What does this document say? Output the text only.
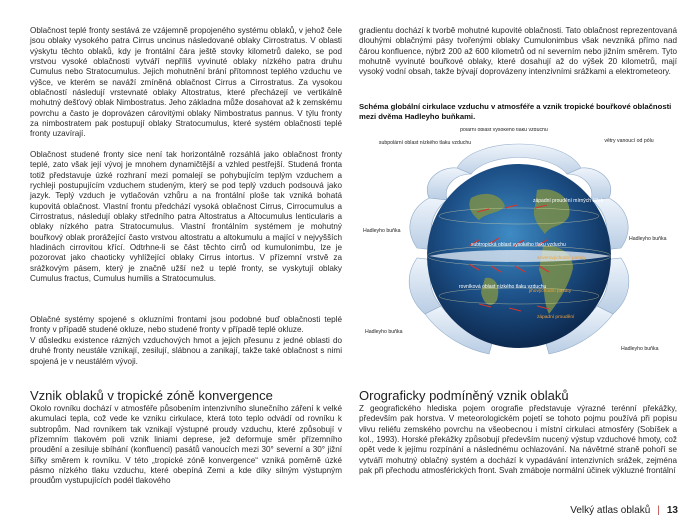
Oblačnost teplé fronty sestává ze vzájemně propojeného systému oblaků, v jehož čele jsou oblaky vysokého patra Cirrus uncinus následované oblaky Cirrostratus. V oblasti výskytu těchto oblaků, kdy je frontální čára ještě stovky kilometrů daleko, se pod vrstvou vysoké oblačnosti vytváří nepříliš vyvinuté oblaky nízkého patra druhu Cumulus nebo Stratocumulus. Jejich mohutnění brání přítomnost teplého vzduchu ve výšce, ve kterém se naváží zmíněná oblačnost Cirrus a Cirrostratus. Za vysokou oblačností následují vrstevnaté oblaky Altostratus, které přecházejí ve vertikálně mohutný dešťový oblak Nimbostratus. Jeho základna může dosahovat až k zemskému povrchu a často je doprovázen cárovitými oblaky Nimbostratus pannus. V týlu fronty za nimbostratem pak postupují oblaky Stratocumulus, které systém oblačnosti teplé fronty uzavírají.

Oblačnost studené fronty sice není tak horizontálně rozsáhlá jako oblačnost fronty teplé, zato však její vývoj je mnohem dynamičtější a vzhled pestřejší. Studená fronta totiž představuje úzké rozhraní mezi pomalejí se pohybujícím teplým vzduchem a rychleji postupujícím vzduchem studeným, který se pod teplý vzduch podsouvá jako jazyk. Teplý vzduch je vytlačován vzhůru a na frontální ploše tak vzniká bohatá kupovitá oblačnost. Vlastní frontu předchází vysoká oblačnost Cirrus, Cirrocumulus a Cirrostratus, následují oblaky středního patra Altostratus a Altocumulus lenticularis a oblaky nízkého patra Stratocumulus. Vlastní frontálním systémem je mohutný bouřkový oblak prorážející často vrstvou altostratu a altokumulu a mající v nejvyšších hladinách cirrovitou křící. Odtrhne-li se část těchto cirrů od kumulonimbu, lze je pozorovat jako chaoticky vyhlížející oblaky Cirrus intortus. V přízemní vrstvě za srážkovým pásem, který je značně užší než u teplé fronty, se vyskytují oblaky Cumulus fractus, Cumulus humilis a Stratocumulus.

Oblačné systémy spojené s okluzními frontami jsou podobné buď oblačnosti teplé fronty v případě studené okluze, nebo studené fronty v případě teplé okluze.

V důsledku existence rázných vzduchových hmot a jejich přesunu z jedné oblasti do druhé fronty neustále vznikají, zesilují, slábnou a zanikají, takže také oblačnost s nimi spojená je v neustálém vývoji.

Vznik oblaků v tropické zóně konvergence

Okolo rovníku dochází v atmosféře působením intenzivního slunečního záření k velké akumulaci tepla, což vede ke vzniku cirkulace, která toto teplo odvádí od rovníku k subtropům. Nad rovníkem tak vznikají výstupné proudy vzduchu, které způsobují v přízemním tlakovém poli vznik liniami deprese, jež deformuje směr přízemního proudění a zesiluje sbíhání (konfluenci) pasátů vanoucích mezi 30° severní a 30° jižní šířky směrem k rovníku. V této „tropické zóně konvergence“ vzniká poměrně úzké pásmo nízkého tlaku vzduchu, které obepíná Zemi a kde díky silným výstupným proudům vystupujících podél tlakového

gradientu dochází k tvorbě mohutné kupovité oblačnosti. Tato oblačnost reprezentovaná dlouhými oblačnými pásy tvořenými oblaky Cumulonimbus však nevzniká přímo nad čárou konfluence, nýbrž 200 až 600 kilometrů od ní severním nebo jižním směrem. Tyto mohutně vyvinuté bouřkové oblaky, které dosahují až do výšek 20 kilometrů, mají vysoký vodní obsah, takže bývají doprovázeny intenzivními srážkami a elektrometeory.

Schéma globální cirkulace vzduchu v atmosféře a vznik tropické bouřkové oblačnosti mezi dvěma Hadleyho buňkami.
polární oblast vysokého tlaku vzduchu
subpolární oblast nízkého tlaku vzduchu	větry vanoucí od pólu
západní proudění mírných šířek
Hadleyho buňka
Hadleyho buňka
subtropická oblast vysokého tlaku vzduchu
severovýchodní pasáty
rovníková oblast nízkého tlaku vzduchu
jihovýchodní pasáty
západní proudění
Hadleyho buňka
Hadleyho buňka
Orograficky podmíněný vznik oblaků

Z geografického hlediska pojem orografie představuje výrazné terénní překážky, především pak horstva. V meteorologickém pojetí se tohoto pojmu používá při popisu vlivu reliéfu zemského povrchu na všeobecnou i místní cirkulaci atmosféry (Sobíšek a kol., 1993). Horské překážky způsobují především nucený výstup vzduchové hmoty, což opět vede k jejímu rozpínání a následnému ochlazování. Na návětrné straně pohoří se vytváří mohutný oblačný systém a dochází k vypadávání intenzivních srážek, zejména pak při přechodu atmosférických front. Svah zmáboje normální účinek výkluzné frontální

Velký atlas oblaků | 13
